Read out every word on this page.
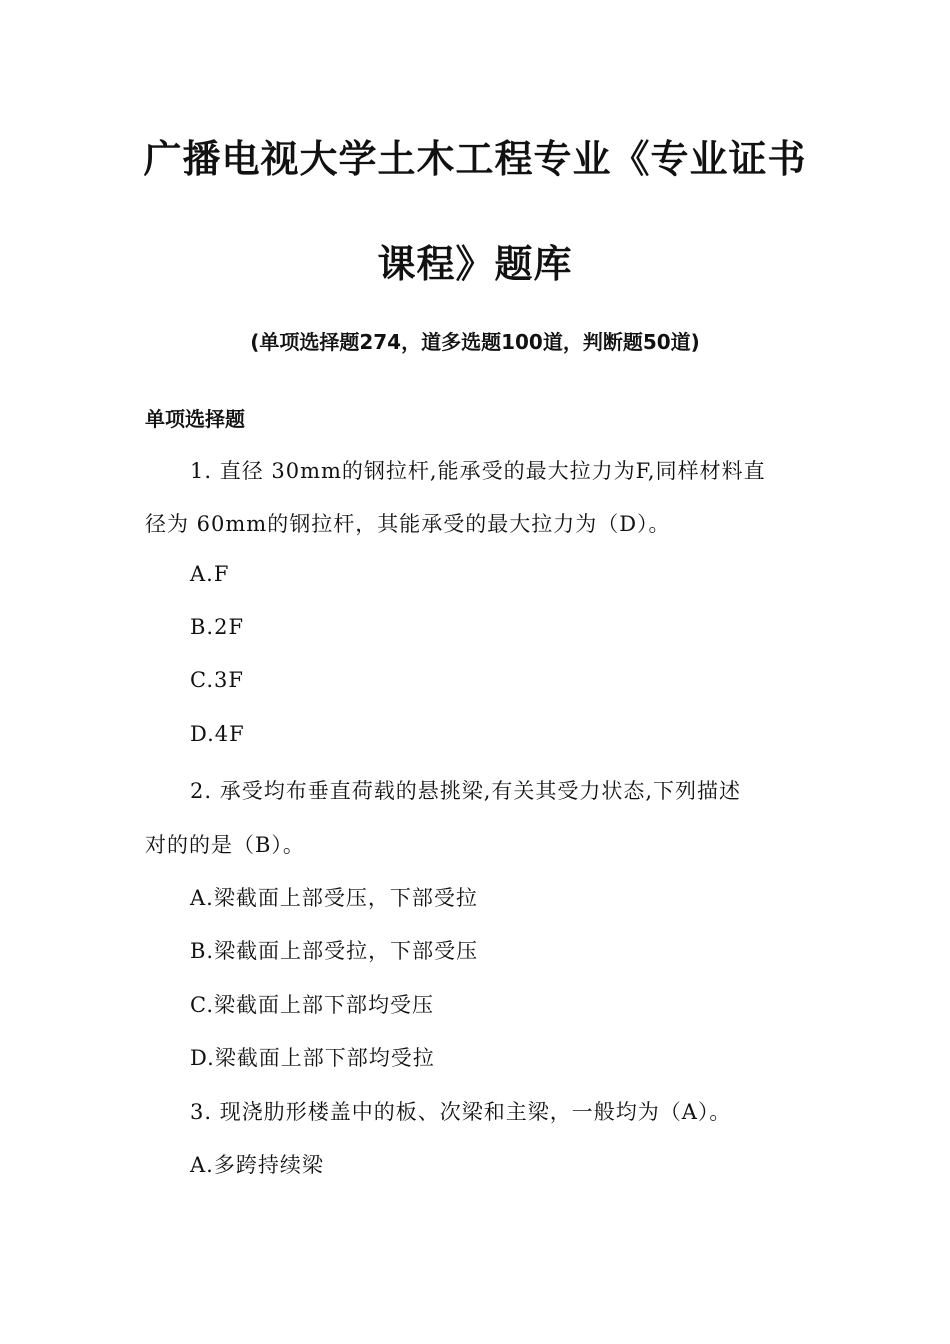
广播电视大学土木工程专业《专业证书
课程》题库
(单项选择题274，道多选题100道，判断题50道)
单项选择题
1. 直径 30mm的钢拉杆,能承受的最大拉力为F,同样材料直
径为 60mm的钢拉杆，其能承受的最大拉力为（D）。
A.F
B.2F
C.3F
D.4F
2. 承受均布垂直荷载的悬挑梁,有关其受力状态,下列描述
对的的是（B）。
A.梁截面上部受压，下部受拉
B.梁截面上部受拉，下部受压
C.梁截面上部下部均受压
D.梁截面上部下部均受拉
3. 现浇肋形楼盖中的板、次梁和主梁，一般均为（A）。
A.多跨持续梁
